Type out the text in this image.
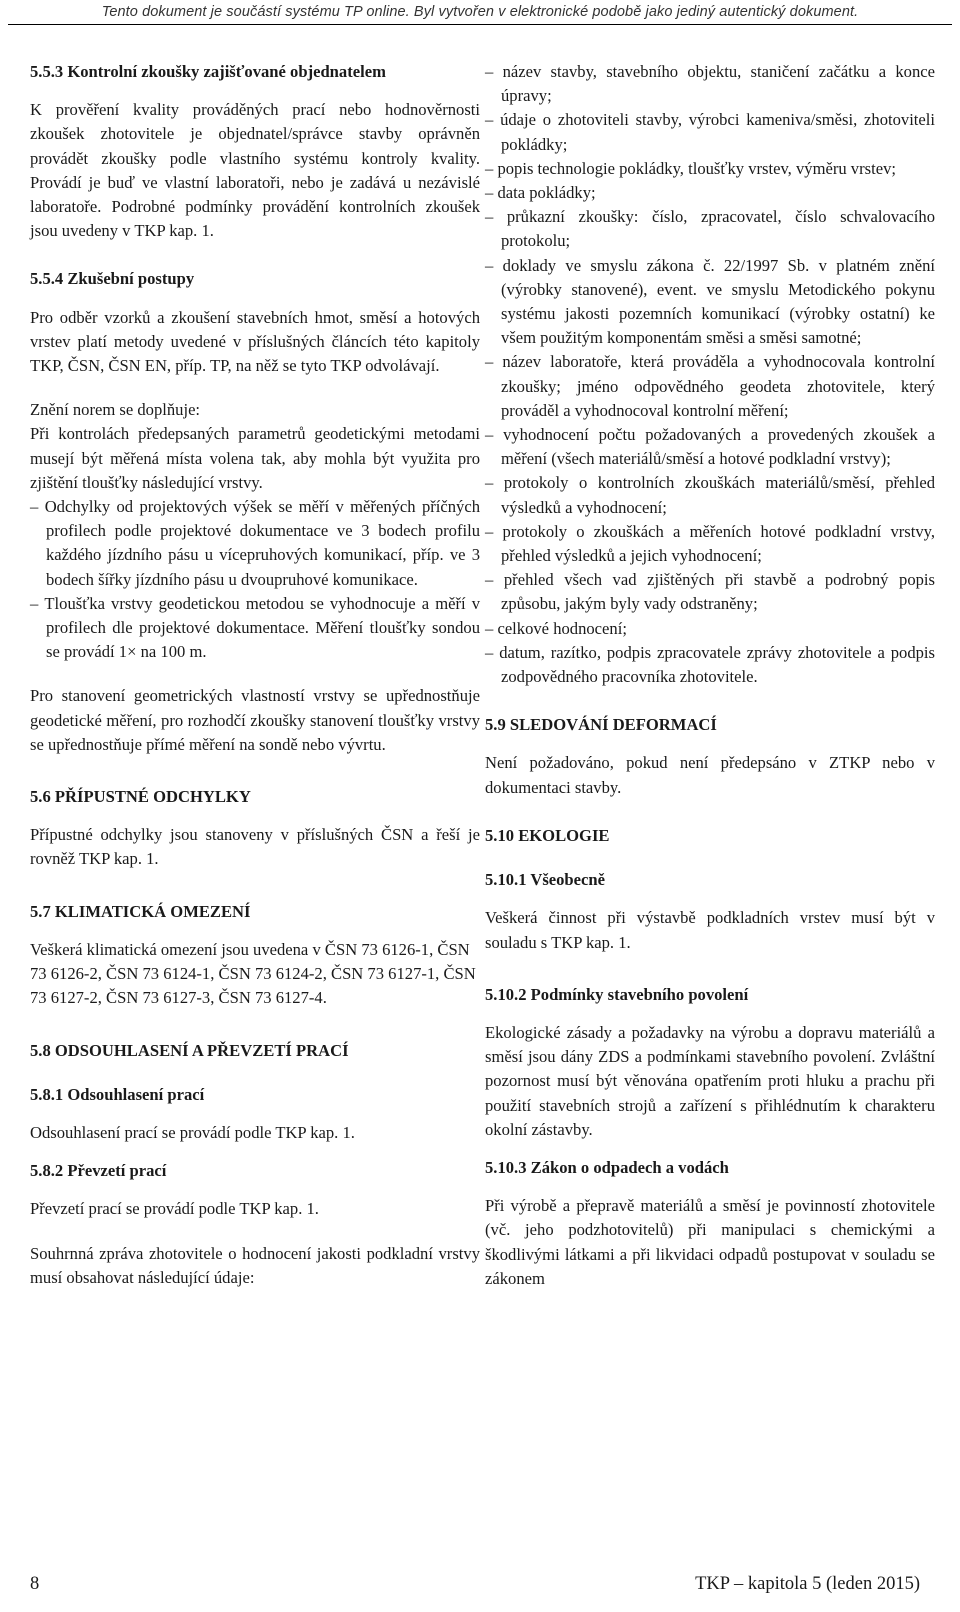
Tento dokument je součástí systému TP online. Byl vytvořen v elektronické podobě jako jediný autentický dokument.

5.5.3 Kontrolní zkoušky zajišťované objednatelem

K prověření kvality prováděných prací nebo hodnověrnosti zkoušek zhotovitele je objednatel/správce stavby oprávněn provádět zkoušky podle vlastního systému kontroly kvality. Provádí je buď ve vlastní laboratoři, nebo je zadává u nezávislé laboratoře. Podrobné podmínky provádění kontrolních zkoušek jsou uvedeny v TKP kap. 1.

5.5.4 Zkušební postupy

Pro odběr vzorků a zkoušení stavebních hmot, směsí a hotových vrstev platí metody uvedené v příslušných článcích této kapitoly TKP, ČSN, ČSN EN, příp. TP, na něž se tyto TKP odvolávají.

Znění norem se doplňuje:

Při kontrolách předepsaných parametrů geodetickými metodami musejí být měřená místa volena tak, aby mohla být využita pro zjištění tloušťky následující vrstvy.

– Odchylky od projektových výšek se měří v měřených příčných profilech podle projektové dokumentace ve 3 bodech profilu každého jízdního pásu u vícepruhových komunikací, příp. ve 3 bodech šířky jízdního pásu u dvoupruhové komunikace.

– Tloušťka vrstvy geodetickou metodou se vyhodnocuje a měří v profilech dle projektové dokumentace. Měření tloušťky sondou se provádí 1× na 100 m.

Pro stanovení geometrických vlastností vrstvy se upřednostňuje geodetické měření, pro rozhodčí zkoušky stanovení tloušťky vrstvy se upřednostňuje přímé měření na sondě nebo vývrtu.

5.6 PŘÍPUSTNÉ ODCHYLKY

Přípustné odchylky jsou stanoveny v příslušných ČSN a řeší je rovněž TKP kap. 1.

5.7 KLIMATICKÁ OMEZENÍ

Veškerá klimatická omezení jsou uvedena v ČSN 73 6126-1, ČSN 73 6126-2, ČSN 73 6124-1, ČSN 73 6124-2, ČSN 73 6127-1, ČSN 73 6127-2, ČSN 73 6127-3, ČSN 73 6127-4.

5.8 ODSOUHLASENÍ A PŘEVZETÍ PRACÍ

5.8.1 Odsouhlasení prací

Odsouhlasení prací se provádí podle TKP kap. 1.

5.8.2 Převzetí prací

Převzetí prací se provádí podle TKP kap. 1.

Souhrnná zpráva zhotovitele o hodnocení jakosti podkladní vrstvy musí obsahovat následující údaje:

– název stavby, stavebního objektu, staničení začátku a konce úpravy;

– údaje o zhotoviteli stavby, výrobci kameniva/směsi, zhotoviteli pokládky;

– popis technologie pokládky, tloušťky vrstev, výměru vrstev;

– data pokládky;

– průkazní zkoušky: číslo, zpracovatel, číslo schvalovacího protokolu;

– doklady ve smyslu zákona č. 22/1997 Sb. v platném znění (výrobky stanovené), event. ve smyslu Metodického pokynu systému jakosti pozemních komunikací (výrobky ostatní) ke všem použitým komponentám směsi a směsi samotné;

– název laboratoře, která prováděla a vyhodnocovala kontrolní zkoušky; jméno odpovědného geodeta zhotovitele, který prováděl a vyhodnocoval kontrolní měření;

– vyhodnocení počtu požadovaných a provedených zkoušek a měření (všech materiálů/směsí a hotové podkladní vrstvy);

– protokoly o kontrolních zkouškách materiálů/směsí, přehled výsledků a vyhodnocení;

– protokoly o zkouškách a měřeních hotové podkladní vrstvy, přehled výsledků a jejich vyhodnocení;

– přehled všech vad zjištěných při stavbě a podrobný popis způsobu, jakým byly vady odstraněny;

– celkové hodnocení;

– datum, razítko, podpis zpracovatele zprávy zhotovitele a podpis zodpovědného pracovníka zhotovitele.

5.9 SLEDOVÁNÍ DEFORMACÍ

Není požadováno, pokud není předepsáno v ZTKP nebo v dokumentaci stavby.

5.10 EKOLOGIE

5.10.1 Všeobecně

Veškerá činnost při výstavbě podkladních vrstev musí být v souladu s TKP kap. 1.

5.10.2 Podmínky stavebního povolení

Ekologické zásady a požadavky na výrobu a dopravu materiálů a směsí jsou dány ZDS a podmínkami stavebního povolení. Zvláštní pozornost musí být věnována opatřením proti hluku a prachu při použití stavebních strojů a zařízení s přihlédnutím k charakteru okolní zástavby.

5.10.3 Zákon o odpadech a vodách

Při výrobě a přepravě materiálů a směsí je povinností zhotovitele (vč. jeho podzhotovitelů) při manipulaci s chemickými a škodlivými látkami a při likvidaci odpadů postupovat v souladu se zákonem

8	TKP – kapitola 5 (leden 2015)
